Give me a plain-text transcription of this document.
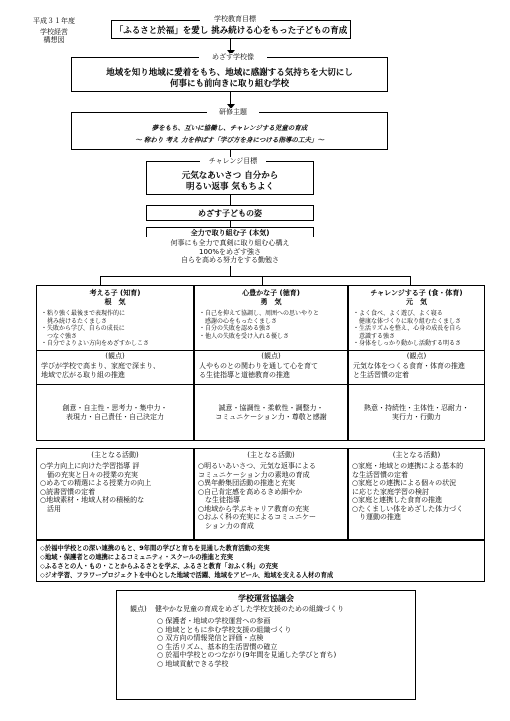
平成３１年度
学校経営
構想図
「ふるさと於福」を愛し 挑み続ける心をもった子どもの育成
学校教育目標
地域を知り地域に愛着をもち、地域に感謝する気持ちを大切にし
何事にも前向きに取り組む学校
めざす学校像
夢をもち、互いに協働し、チャレンジする児童の育成
～ 称わり 考え 力を伸ばす「学び方を身につける指導の工夫」～
研修主題
元気なあいさつ 自分から
明るい返事 気もちよく
チャレンジ目標
めざす子どもの姿
全力で取り組む子 (本気)
何事にも全力で真剣に取り組む心構え
100%をめざす強さ
自らを高める努力をする勤勉さ
考える子 (知育)
根　気
・粘り強く最後まで表現作的に
　挑み続けるたくましさ
・失敗から学び、自らの成長に
　つなぐ強さ
・自分でよりよい方向をめざすかしこさ
(観点)
学びが学校で高まり、家庭で深まり、
地域で広がる取り組の推進
創意・自主性・思考力・集中力・
表現力・自己責任・自己決定力
心豊かな子 (徳育)
勇　気
・自己を抑えて協調し、周囲への思いやりと
　感謝の心をもったくましさ
・自分の失敗を認める強さ
・他人の失敗を受け入れる優しさ
(観点)
人やものとの関わりを通して心を育て
る生徒指導と道徳教育の推進
誠意・協調性・柔軟性・調整力・
コミュニケーション力・尊敬と感謝
チャレンジする子 (食・体育)
元　気
・よく食べ、よく遊び、よく寝る
　健康な体づくりに取り組むたくましさ
・生活リズムを整え、心身の成長を自ら
　意識する強さ
・身体をしっかり動かし活動する明るさ
(観点)
元気な体をつくる食育・体育の推進
と生活習慣の定着
熱意・持続性・主体性・忍耐力・
実行力・行動力
(主となる活動)
○学力向上に向けた学習指導 評
　価の充実と日々の授業の充実
○めあての精選による授業力の向上
○読書習慣の定着
○地域素材・地域人材の積極的な
　活用
(主となる活動)
○明るいあいさつ、元気な返事による
コミュニケーション力の素地の育成
○異年齢集団活動の推進と充実
○自己肯定感を高めるきめ細やか
　な生徒指導
○地域から学ぶキャリア教育の充実
○おふく科の充実によるコミュニケー
　ション力の育成
(主となる活動)
○家庭・地域との連携による基本的
な生活習慣の定着
○家庭との連携による個々の状況
に応じた家庭学習の検討
○家庭と連携した食育の推進
○たくましい体をめざした体力づく
　り運動の推進
◇於福中学校との深い連携のもと、9年間の学びと育ちを見通した教育活動の充実
◇地域・保護者との連携によるコミュニティ・スクールの推進と充実
◇ふるさとの人・もの・ことからふるさとを学ぶ、ふるさと教育「おふく科」の充実
◇ジオ学習、フラワープロジェクトを中心とした地域で活躍、地域をアピール、地域を支える人材の育成
学校運営協議会
観点) 健やかな児童の育成をめざした学校支援のための組織づくり
○ 保護者・地域の学校運営への参画
○ 地域とともに歩む学校支援の組織づくり
○ 双方向の情報発信と評価・点検
○ 生活リズム、基本的生活習慣の確立
○ 於福中学校とのつながり(9年間を見通した学びと育ち)
○ 地域貢献できる学校
